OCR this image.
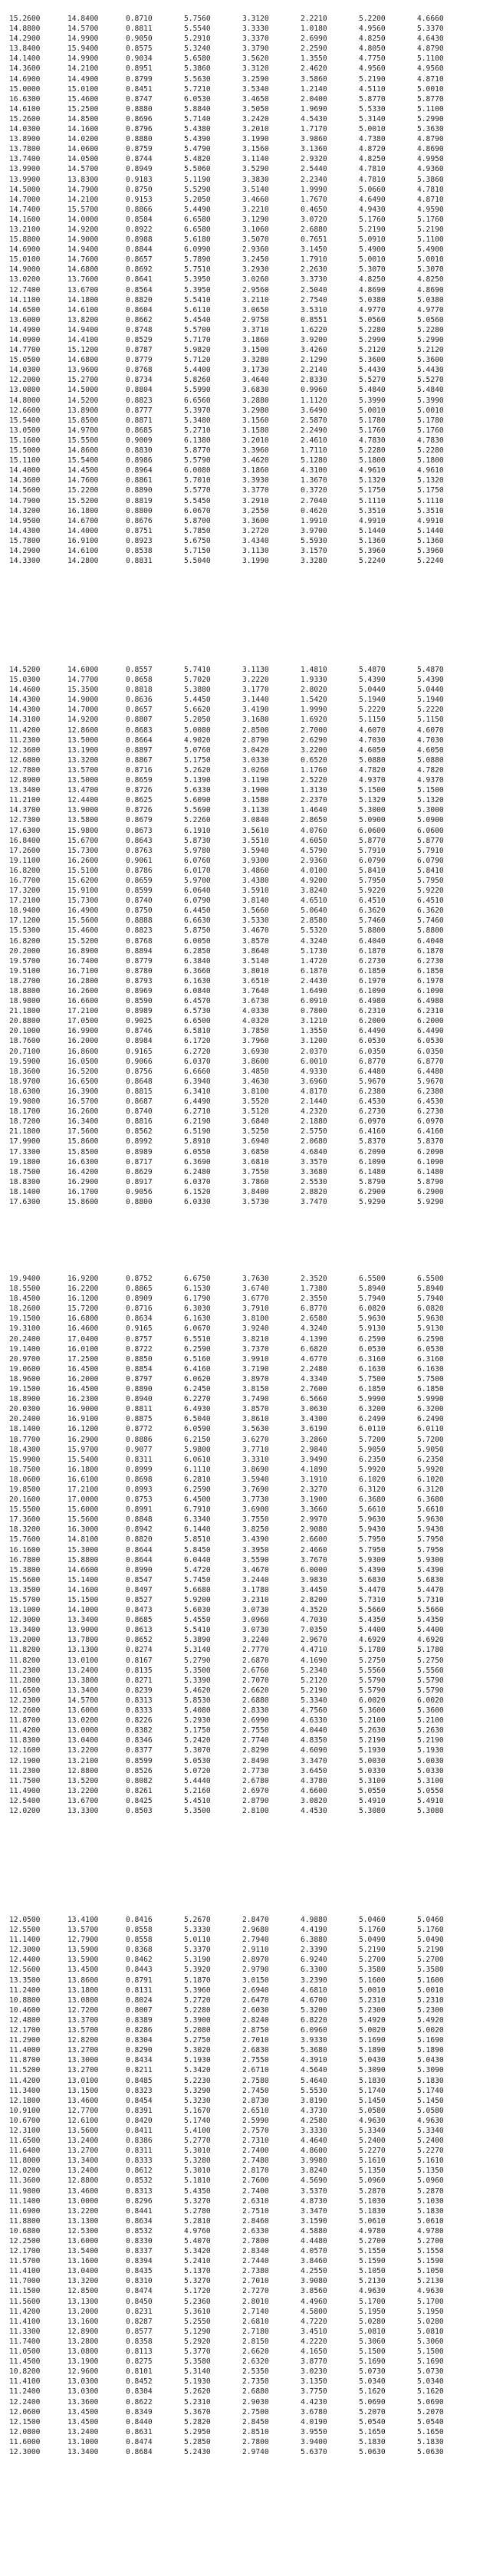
15.2600	14.8400	0.8710	5.7560	3.3120	2.2210	5.2200	4.6660
14.8800	14.5700	0.8811	5.5540	3.3330	1.0180	4.9560	5.3370
14.2900	14.9900	0.9050	5.2910	3.3370	2.6990	4.8250	4.6430
13.8400	15.9400	0.8575	5.3240	3.3790	2.2590	4.8050	4.8790
14.1400	14.9900	0.9034	5.6580	3.5620	1.3550	4.7750	5.1100
14.3600	14.2100	0.8951	5.3860	3.3120	2.4620	4.9560	4.9560
14.6900	14.4900	0.8799	5.5630	3.2590	3.5860	5.2190	4.8710
15.0000	15.0100	0.8451	5.7210	3.5340	1.2140	4.5110	5.0010
16.6300	15.4600	0.8747	6.0530	3.4650	2.0400	5.8770	5.8770
14.6100	15.2500	0.8880	5.8840	3.5050	1.9690	5.5330	5.1100
15.2600	14.8500	0.8696	5.7140	3.2420	4.5430	5.3140	5.2990
14.0300	14.1600	0.8796	5.4380	3.2010	1.7170	5.0010	5.3630
13.8900	14.0200	0.8880	5.4390	3.1990	3.9860	4.7380	4.8790
13.7800	14.0600	0.8759	5.4790	3.1560	3.1360	4.8720	4.8690
13.7400	14.0500	0.8744	5.4820	3.1140	2.9320	4.8250	4.9950
13.9900	14.5700	0.8949	5.5060	3.5290	2.5440	4.7810	4.9360
13.9900	13.8300	0.9183	5.1190	3.3830	2.2340	4.7810	5.3860
14.5000	14.7900	0.8750	5.5290	3.5140	1.9990	5.0660	4.7810
14.7000	14.2100	0.9153	5.2050	3.4660	1.7670	4.6490	4.8710
14.7400	15.5700	0.8866	5.4490	3.2210	0.4650	4.9430	4.9590
14.1600	14.0000	0.8584	6.6580	3.1290	3.0720	5.1760	5.1760
13.2100	14.9200	0.8922	6.6580	3.1060	2.6880	5.2190	5.2190
15.8800	14.9000	0.8988	5.6180	3.5070	0.7651	5.0910	5.1100
14.6900	14.9400	0.8844	6.0990	2.9360	3.1450	5.4900	5.4900
15.0100	14.7600	0.8657	5.7890	3.2450	1.7910	5.0010	5.0010
14.9000	14.6800	0.8692	5.7510	3.2930	2.2630	5.3070	5.3070
13.0200	13.7600	0.8641	5.3950	3.0260	3.3730	4.8250	4.8250
12.7400	13.6700	0.8564	5.3950	2.9560	2.5040	4.8690	4.8690
14.1100	14.1800	0.8820	5.5410	3.2110	2.7540	5.0380	5.0380
14.6500	14.6100	0.8604	5.6110	3.0650	3.5310	4.9770	4.9770
13.6000	13.8200	0.8662	5.4540	2.9750	0.8551	5.0560	5.0560
14.4900	14.9400	0.8748	5.5700	3.3710	1.6220	5.2280	5.2280
14.0900	14.4100	0.8529	5.7170	3.1860	3.9200	5.2990	5.2990
14.7700	15.1200	0.8787	5.9820	3.1500	3.4260	5.2120	5.2120
15.0500	14.6800	0.8779	5.7120	3.3280	2.1290	5.3600	5.3600
14.0300	13.9600	0.8768	5.4400	3.1730	2.2140	5.4430	5.4430
12.2000	15.2700	0.8734	5.8260	3.4640	2.8330	5.5270	5.5270
13.0800	14.5000	0.8804	5.5990	3.6830	0.9960	5.4840	5.4840
14.8000	14.5200	0.8823	6.6560	3.2880	1.1120	5.3990	5.3990
12.6600	13.8900	0.8777	5.3970	3.2980	3.6490	5.0010	5.0010
15.5400	15.8500	0.8871	5.3480	3.1560	2.5870	5.1780	5.1780
13.0500	14.9700	0.8685	5.2710	3.1580	2.2490	5.1760	5.1760
15.1600	15.5500	0.9009	6.1380	3.2010	2.4610	4.7830	4.7830
15.5000	14.8600	0.8830	5.8770	3.3960	1.7110	5.2280	5.2280
15.1100	15.5400	0.8986	5.5790	3.4620	5.1280	5.1800	5.1800
14.4000	14.4500	0.8964	6.0080	3.1860	4.3100	4.9610	4.9610
14.3600	14.7600	0.8861	5.7010	3.3930	1.3670	5.1320	5.1320
14.5600	15.2200	0.8890	5.5770	3.3770	0.3720	5.1750	5.1750
14.7900	15.5200	0.8819	5.5450	3.2910	2.7040	5.1110	5.1110
14.3200	16.1800	0.8800	6.0670	3.2550	0.4620	5.3510	5.3510
14.9500	14.6700	0.8676	5.8700	3.3600	1.9910	4.9910	4.9910
14.4300	14.4000	0.8751	5.7850	3.2720	3.9700	5.1440	5.1440
15.7800	16.9100	0.8923	5.6750	3.4340	5.5930	5.1360	5.1360
14.2900	14.6100	0.8538	5.7150	3.1130	3.1570	5.3960	5.3960
14.3300	14.2800	0.8831	5.5040	3.1990	3.3280	5.2240	5.2240
14.5200	14.6000	0.8557	5.7410	3.1130	1.4810	5.4870	5.4870
15.0300	14.7700	0.8658	5.7020	3.2220	1.9330	5.4390	5.4390
14.4600	15.3500	0.8818	5.3880	3.1770	2.8020	5.0440	5.0440
14.4300	14.9000	0.8636	5.4450	3.1440	1.5420	5.1940	5.1940
14.4300	14.7000	0.8657	5.6620	3.4190	1.9990	5.2220	5.2220
14.3100	14.9200	0.8807	5.2050	3.1680	1.6920	5.1150	5.1150
11.4200	12.8600	0.8683	5.0080	2.8500	2.7000	4.6070	4.6070
11.2300	13.5000	0.8664	4.9020	2.8790	2.6290	4.7030	4.7030
12.3600	13.1900	0.8897	5.0760	3.0420	3.2200	4.6050	4.6050
12.6800	13.3200	0.8867	5.1750	3.0330	0.6520	5.0880	5.0880
12.7800	13.5700	0.8716	5.2620	3.0260	1.1760	4.7820	4.7820
12.8900	13.5000	0.8659	5.1390	3.1190	2.5220	4.9370	4.9370
13.3400	13.4700	0.8726	5.6330	3.1900	1.3130	5.1500	5.1500
11.2100	12.4400	0.8625	5.6090	3.1580	2.2370	5.1320	5.1320
14.3700	13.9000	0.8726	5.5690	3.1130	1.4640	5.3000	5.3000
12.7300	13.5800	0.8679	5.2260	3.0840	2.8650	5.0900	5.0900
17.6300	15.9800	0.8673	6.1910	3.5610	4.0760	6.0600	6.0600
16.8400	15.6700	0.8643	5.8730	3.5510	4.6050	5.8770	5.8770
17.2600	15.7300	0.8763	5.9780	3.5940	4.5790	5.7910	5.7910
19.1100	16.2600	0.9061	6.0760	3.9300	2.9360	6.0790	6.0790
16.8200	15.5100	0.8786	6.0170	3.4860	4.0100	5.8410	5.8410
16.7700	15.6200	0.8659	5.9700	3.4380	4.9200	5.7950	5.7950
17.3200	15.9100	0.8599	6.0640	3.5910	3.8240	5.9220	5.9220
17.2100	15.7300	0.8740	6.0790	3.8140	4.6510	6.4510	6.4510
18.9400	16.4900	0.8750	6.4450	3.5660	5.0640	6.3620	6.3620
17.1200	15.5600	0.8888	6.6630	3.5330	2.8580	5.7460	5.7460
15.5300	15.4600	0.8823	5.8750	3.4670	5.5320	5.8800	5.8800
16.8200	15.5200	0.8768	6.0050	3.8570	4.3240	6.4040	6.4040
20.2000	16.8900	0.8894	6.2850	3.8640	5.1730	6.1870	6.1870
19.5700	16.7400	0.8779	6.3840	3.5140	1.4720	6.2730	6.2730
19.5100	16.7100	0.8780	6.3660	3.8010	6.1870	6.1850	6.1850
18.2700	16.2800	0.8793	6.1630	3.6510	2.4430	6.1970	6.1970
18.8800	16.2600	0.8969	6.0840	3.7640	1.6490	6.1090	6.1090
18.9800	16.6600	0.8590	6.4570	3.6730	6.0910	6.4980	6.4980
21.1800	17.2100	0.8989	6.5730	4.0330	0.7800	6.2310	6.2310
20.8800	17.0500	0.9025	6.6500	4.0320	3.1210	6.2000	6.2000
20.1000	16.9900	0.8746	6.5810	3.7850	1.3550	6.4490	6.4490
18.7600	16.2000	0.8984	6.1720	3.7960	3.1200	6.0530	6.0530
20.7100	16.8600	0.9165	6.2720	3.6930	2.0370	6.0350	6.0350
19.5900	16.0500	0.9066	6.0370	3.8600	6.0010	6.8770	6.8770
18.3600	16.5200	0.8756	6.6660	3.4850	4.9330	6.4480	6.4480
18.9700	16.6500	0.8648	6.3940	3.4630	3.6960	5.9670	5.9670
18.6300	16.3900	0.8815	6.3410	3.8100	4.8170	6.2380	6.2380
19.9800	16.5700	0.8687	6.4490	3.5520	2.1440	6.4530	6.4530
18.1700	16.2600	0.8740	6.2710	3.5120	4.2320	6.2730	6.2730
18.7200	16.3400	0.8816	6.2190	3.6840	2.1880	6.0970	6.0970
21.1800	17.5600	0.8562	6.5190	3.5250	2.5750	6.4160	6.4160
17.9900	15.8600	0.8992	5.8910	3.6940	2.0680	5.8370	5.8370
17.3300	15.8500	0.8989	6.0550	3.6850	4.6840	6.2090	6.2090
19.1800	16.6300	0.8717	6.3690	3.6810	3.3570	6.1090	6.1090
18.7500	16.4200	0.8629	6.2480	3.7550	3.3680	6.1480	6.1480
18.8300	16.2900	0.8917	6.0370	3.7860	2.5530	5.8790	5.8790
18.1400	16.1700	0.9056	6.1520	3.8400	2.8820	6.2900	6.2900
17.6300	15.8600	0.8800	6.0330	3.5730	3.7470	5.9290	5.9290
19.9400	16.9200	0.8752	6.6750	3.7630	2.3520	6.5500	6.5500
18.5500	16.2200	0.8865	6.1530	3.6740	1.7380	5.8940	5.8940
18.4500	16.1200	0.8909	6.1790	3.6770	2.3550	5.7940	5.7940
18.2600	15.7200	0.8716	6.3030	3.7910	6.8770	6.0820	6.0820
19.1500	16.6800	0.8634	6.1630	3.8100	2.6580	5.9630	5.9630
19.3100	16.4600	0.9165	6.0670	3.9240	4.3240	5.9130	5.9130
20.2400	17.0400	0.8757	6.5510	3.8210	4.1390	6.2590	6.2590
19.1400	16.0100	0.8722	6.2590	3.7370	6.6820	6.0530	6.0530
20.9700	17.2500	0.8850	6.5160	3.9910	4.6770	6.3160	6.3160
19.0600	16.4500	0.8854	6.4160	3.7190	2.2480	6.1630	6.1630
18.9600	16.2000	0.8797	6.0620	3.8970	4.3340	5.7500	5.7500
19.1500	16.4500	0.8890	6.2450	3.8150	2.7600	6.1850	6.1850
18.8900	16.2300	0.8940	6.2270	3.7490	6.5660	5.9990	5.9990
20.0300	16.9000	0.8811	6.4930	3.8570	3.0630	6.3200	6.3200
20.2400	16.9100	0.8875	6.5040	3.8610	3.4300	6.2490	6.2490
18.1400	16.1200	0.8772	6.0590	3.5630	3.6190	6.0110	6.0110
18.7700	16.2900	0.8886	6.2150	3.6270	3.2860	5.7200	5.7200
18.4300	15.9700	0.9077	5.9800	3.7710	2.9840	5.9050	5.9050
15.9900	15.5400	0.8311	6.0610	3.3310	3.9490	6.2350	6.2350
18.7500	16.1800	0.8999	6.1110	3.8690	4.1890	5.9920	5.9920
18.0600	16.6100	0.8698	6.2810	3.5940	3.1910	6.1020	6.1020
19.8500	17.2100	0.8993	6.2590	3.7690	2.3270	6.3120	6.3120
20.1600	17.0000	0.8753	6.4500	3.7730	3.1900	6.3680	6.3680
15.5500	15.6000	0.8991	6.7910	3.6900	3.3660	5.6610	5.6610
17.3600	15.5600	0.8848	6.3340	3.7550	2.9970	5.9630	5.9630
18.3200	16.3000	0.8942	6.1440	3.8250	2.9080	5.9430	5.9430
15.7600	14.8100	0.8820	5.8510	3.4390	2.6600	5.7950	5.7950
16.1600	15.3000	0.8644	5.8450	3.3950	2.4660	5.7950	5.7950
16.7800	15.8800	0.8644	6.0440	3.5590	3.7670	5.9300	5.9300
15.3800	14.6600	0.8990	5.4720	3.4670	6.0000	5.4390	5.4390
15.5600	15.1400	0.8547	5.7450	3.2440	3.9830	5.6830	5.6830
13.3500	14.1600	0.8497	5.6680	3.1780	3.4450	5.4470	5.4470
15.5700	15.1500	0.8527	5.9200	3.2310	2.8200	5.7310	5.7310
13.1000	14.1000	0.8473	5.6030	3.0730	4.3520	5.5660	5.5660
12.3000	13.3400	0.8685	5.4550	3.0960	4.7030	5.4350	5.4350
13.3400	13.9000	0.8613	5.5410	3.0730	7.0350	5.4400	5.4400
13.2000	13.7800	0.8652	5.3890	3.2240	2.9670	4.6920	4.6920
11.8200	13.1300	0.8274	5.3140	2.7770	4.4710	5.1780	5.1780
11.8200	13.0100	0.8167	5.2790	2.6870	4.1690	5.2750	5.2750
11.2300	13.2400	0.8135	5.3500	2.6760	5.2340	5.5560	5.5560
11.2800	13.3800	0.8271	5.3390	2.7070	5.2120	5.5790	5.5790
11.6500	13.3400	0.8239	5.4620	2.6620	5.2190	5.5790	5.5790
12.2300	14.5700	0.8313	5.8530	2.6880	5.3340	6.0020	6.0020
12.2600	13.6000	0.8333	5.4080	2.8330	4.7560	5.3600	5.3600
11.8700	13.0200	0.8226	5.2930	2.6990	4.6330	5.2100	5.2100
11.4200	13.0000	0.8382	5.1750	2.7550	4.0440	5.2630	5.2630
11.8300	13.0400	0.8346	5.2420	2.7740	4.8350	5.2190	5.2190
12.1600	13.2200	0.8377	5.3070	2.8290	4.6090	5.1930	5.1930
12.1900	13.2100	0.8599	5.0530	2.8490	3.3470	5.0030	5.0030
11.2300	12.8800	0.8526	5.0720	2.7730	3.6450	5.0330	5.0330
11.7500	13.5200	0.8082	5.4440	2.6780	4.3780	5.3100	5.3100
11.4900	13.2200	0.8261	5.2160	2.6970	4.6600	5.0550	5.0550
12.5400	13.6700	0.8425	5.4510	2.8790	3.0820	5.4910	5.4910
12.0200	13.3300	0.8503	5.3500	2.8100	4.4530	5.3080	5.3080
12.0500	13.4100	0.8416	5.2670	2.8470	4.9880	5.0460	5.0460
12.5500	13.5700	0.8558	5.3330	2.9680	4.4190	5.1760	5.1760
11.1400	12.7900	0.8558	5.0110	2.7940	6.3880	5.0490	5.0490
12.3000	13.5900	0.8368	5.3370	2.9110	2.3390	5.2190	5.2190
12.4400	13.5900	0.8462	5.3190	2.8970	6.9240	5.2700	5.2700
12.5600	13.4500	0.8443	5.3920	2.9790	6.3300	5.3580	5.3580
13.3500	13.8600	0.8791	5.1870	3.0150	3.2390	5.1600	5.1600
11.2400	13.1800	0.8131	5.3960	2.6940	4.6810	5.0010	5.0010
10.8800	13.0800	0.8024	5.2720	2.6470	4.6700	5.2310	5.2310
10.4600	12.7200	0.8007	5.2280	2.6030	5.3200	5.2300	5.2300
12.4800	13.3700	0.8389	5.3900	2.8240	6.8220	5.4920	5.4920
12.1700	13.5700	0.8286	5.2080	2.8750	6.0960	5.0020	5.0020
11.2900	12.8200	0.8304	5.2750	2.7010	3.9330	5.1690	5.1690
11.4000	13.2700	0.8290	5.3020	2.6830	5.3680	5.1890	5.1890
11.8700	13.3000	0.8434	5.1930	2.7550	4.3910	5.0430	5.0430
11.5200	13.2700	0.8211	5.3420	2.6710	4.5640	5.3090	5.3090
11.4200	13.0100	0.8485	5.2230	2.7580	5.4640	5.1830	5.1830
11.3400	13.1500	0.8323	5.3290	2.7450	5.5530	5.1740	5.1740
12.1800	13.4600	0.8454	5.3230	2.8730	3.8190	5.1450	5.1450
10.9100	12.7700	0.8391	5.1670	2.6510	4.3730	5.0580	5.0580
10.6700	12.6100	0.8420	5.1740	2.5990	4.2580	4.9630	4.9630
12.3100	13.5600	0.8411	5.4100	2.7570	3.3330	5.3340	5.3340
11.6500	13.2400	0.8386	5.2770	2.7310	4.4640	5.2400	5.2400
11.6400	13.2700	0.8311	5.3010	2.7400	4.8600	5.2270	5.2270
11.8000	13.3400	0.8333	5.3280	2.7480	3.9980	5.1610	5.1610
12.0200	13.2400	0.8612	5.3010	2.8170	3.8240	5.1350	5.1350
11.3600	12.8800	0.8532	5.1810	2.7600	4.5690	5.0960	5.0960
11.9800	13.4600	0.8313	5.4350	2.7400	3.5370	5.2870	5.2870
11.1400	13.0000	0.8296	5.3270	2.6310	4.8730	5.1030	5.1030
11.6900	13.2200	0.8441	5.2780	2.7510	3.3470	5.1830	5.1830
11.8800	13.1300	0.8634	5.2810	2.8460	3.1590	5.0610	5.0610
10.6800	12.5300	0.8532	4.9760	2.6330	4.5880	4.9780	4.9780
12.2500	13.6000	0.8330	5.4070	2.7800	4.4480	5.2700	5.2700
12.1700	13.5400	0.8337	5.3420	2.8340	4.0570	5.1550	5.1550
11.5700	13.1600	0.8394	5.2410	2.7440	3.8460	5.1590	5.1590
11.4100	13.0400	0.8435	5.1370	2.7380	4.2550	5.1050	5.1050
11.7000	13.3200	0.8310	5.3270	2.7010	3.9080	5.2130	5.2130
11.1500	12.8500	0.8474	5.1720	2.7270	3.8560	4.9630	4.9630
11.5600	13.1300	0.8450	5.2360	2.8010	4.4960	5.1700	5.1700
11.4200	13.2000	0.8231	5.3610	2.7140	4.5800	5.1950	5.1950
11.4100	13.1600	0.8287	5.2550	2.6810	4.7220	5.0280	5.0280
11.3300	12.8900	0.8577	5.1290	2.7180	3.4510	5.0810	5.0810
11.7400	13.2800	0.8358	5.2920	2.8150	4.2220	5.3060	5.3060
11.0500	13.0800	0.8113	5.3770	2.6620	4.1650	5.1500	5.1500
11.4500	13.1900	0.8275	5.3580	2.6320	3.8770	5.1690	5.1690
10.8200	12.9600	0.8101	5.3140	2.5350	3.0230	5.0730	5.0730
11.4100	13.0300	0.8452	5.1930	2.7350	3.1350	5.0340	5.0340
11.2400	13.0300	0.8304	5.2620	2.6880	3.7750	5.1620	5.1620
12.2400	13.3600	0.8622	5.2310	2.9030	4.4230	5.0690	5.0690
12.0600	13.4500	0.8349	5.3670	2.7500	3.6780	5.2070	5.2070
12.1500	13.4500	0.8440	5.2820	2.8450	4.0190	5.0540	5.0540
12.0800	13.2400	0.8631	5.2950	2.8510	3.9550	5.1650	5.1650
11.6000	13.1000	0.8474	5.2850	2.7800	3.9400	5.1830	5.1830
12.3000	13.3400	0.8684	5.2430	2.9740	5.6370	5.0630	5.0630
